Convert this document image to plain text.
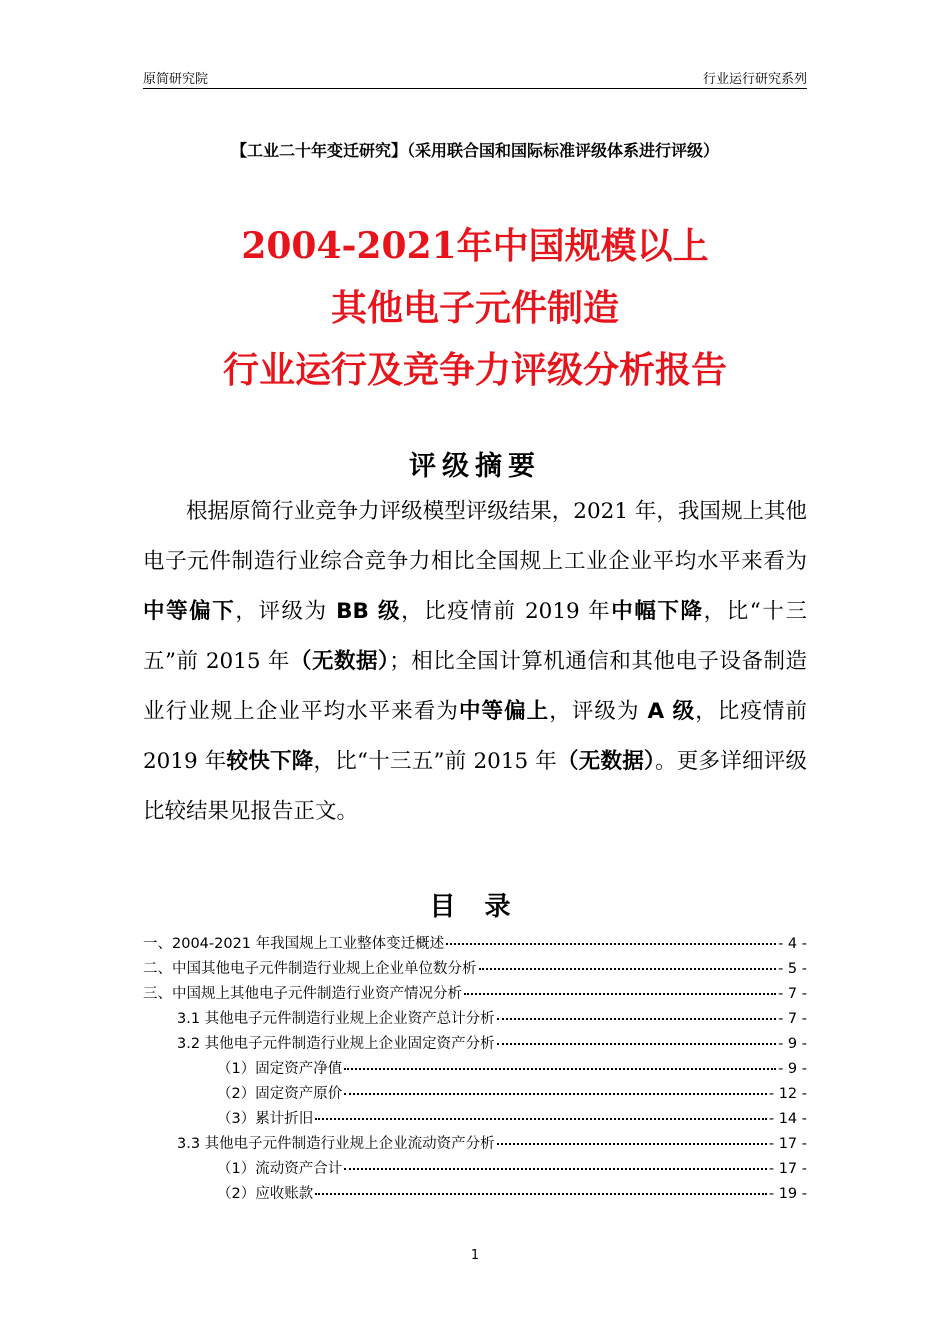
原简研究院	行业运行研究系列
【工业二十年变迁研究】（采用联合国和国际标准评级体系进行评级）
2004-2021年中国规模以上
其他电子元件制造
行业运行及竞争力评级分析报告
评级摘要
根据原简行业竞争力评级模型评级结果，2021 年，我国规上其他电子元件制造行业综合竞争力相比全国规上工业企业平均水平来看为中等偏下，评级为 BB 级，比疫情前 2019 年中幅下降，比“十三五”前 2015 年（无数据）；相比全国计算机通信和其他电子设备制造业行业规上企业平均水平来看为中等偏上，评级为 A 级，比疫情前 2019 年较快下降，比“十三五”前 2015 年（无数据）。更多详细评级比较结果见报告正文。
目 录
一、2004-2021 年我国规上工业整体变迁概述	- 4 -
二、中国其他电子元件制造行业规上企业单位数分析	- 5 -
三、中国规上其他电子元件制造行业资产情况分析	- 7 -
3.1 其他电子元件制造行业规上企业资产总计分析	- 7 -
3.2 其他电子元件制造行业规上企业固定资产分析	- 9 -
（1）固定资产净值	- 9 -
（2）固定资产原价	- 12 -
（3）累计折旧	- 14 -
3.3 其他电子元件制造行业规上企业流动资产分析	- 17 -
（1）流动资产合计	- 17 -
（2）应收账款	- 19 -
1
